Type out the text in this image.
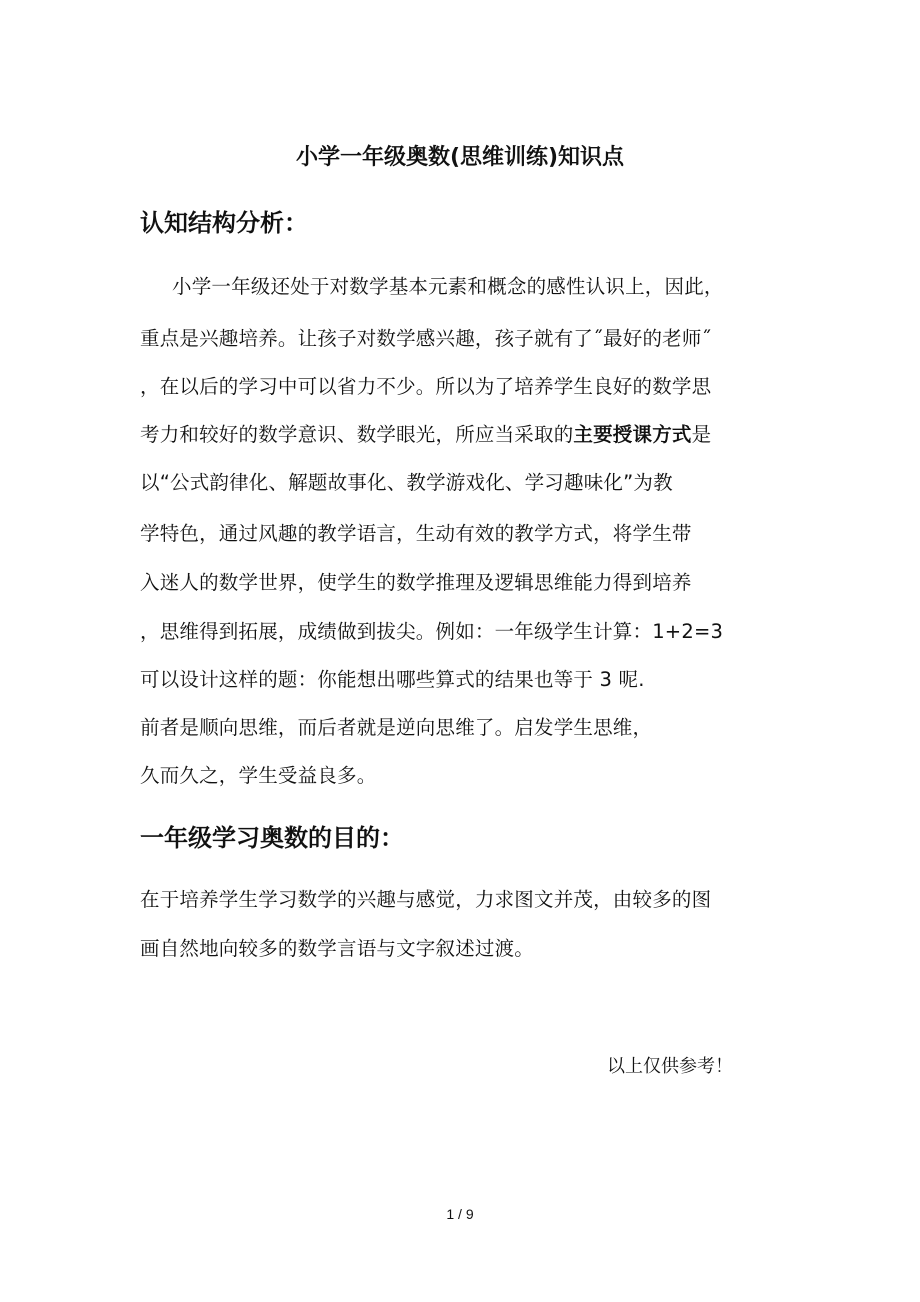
小学一年级奥数(思维训练)知识点
认知结构分析：
小学一年级还处于对数学基本元素和概念的感性认识上，因此，
重点是兴趣培养。让孩子对数学感兴趣，孩子就有了˝最好的老师˝
，在以后的学习中可以省力不少。所以为了培养学生良好的数学思
考力和较好的数学意识、数学眼光，所应当采取的主要授课方式是
以“公式韵律化、解题故事化、教学游戏化、学习趣味化”为教
学特色，通过风趣的教学语言，生动有效的教学方式，将学生带
入迷人的数学世界，使学生的数学推理及逻辑思维能力得到培养
，思维得到拓展，成绩做到拔尖。例如：一年级学生计算：1+2=3
可以设计这样的题：你能想出哪些算式的结果也等于 3 呢.
前者是顺向思维，而后者就是逆向思维了。启发学生思维，
久而久之，学生受益良多。
一年级学习奥数的目的：
在于培养学生学习数学的兴趣与感觉，力求图文并茂，由较多的图
画自然地向较多的数学言语与文字叙述过渡。
以上仅供参考！
1 / 9
